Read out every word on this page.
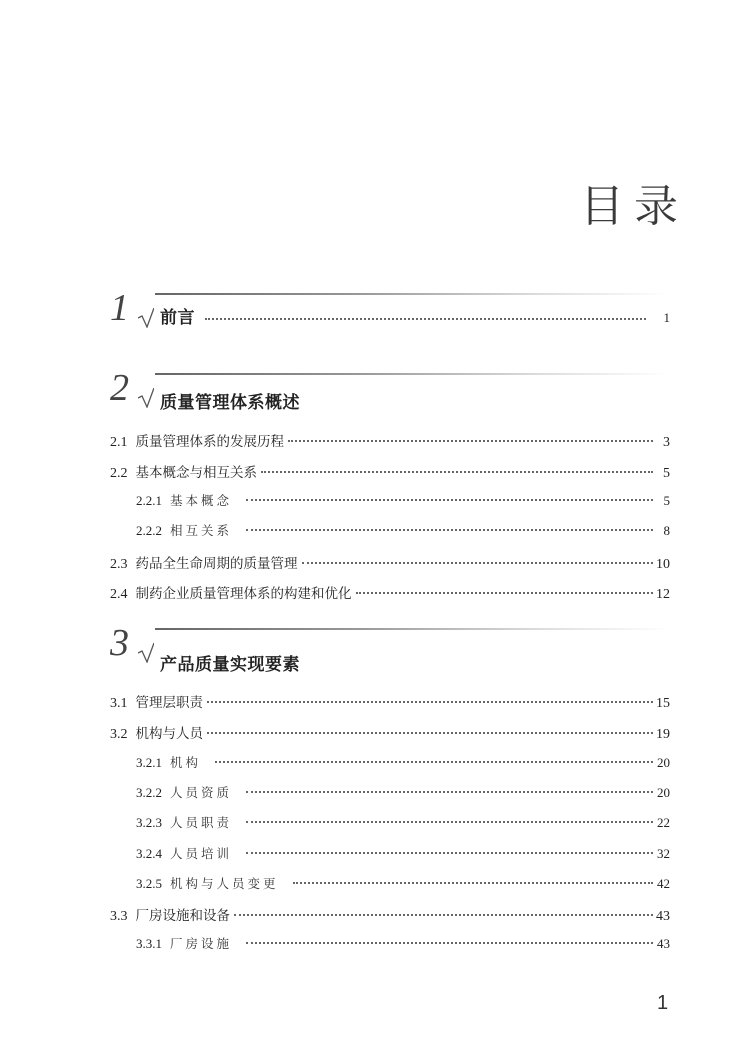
目录
1 前言	1
2 质量管理体系概述
2.1 质量管理体系的发展历程	3
2.2 基本概念与相互关系	5
2.2.1 基本概念	5
2.2.2 相互关系	8
2.3 药品全生命周期的质量管理	10
2.4 制药企业质量管理体系的构建和优化	12
3
产品质量实现要素
3.1 管理层职责	15
3.2 机构与人员	19
3.2.1 机构	20
3.2.2 人员资质	20
3.2.3 人员职责	22
3.2.4 人员培训	32
3.2.5 机构与人员变更	42
3.3 厂房设施和设备	43
3.3.1 厂房设施	43
1
